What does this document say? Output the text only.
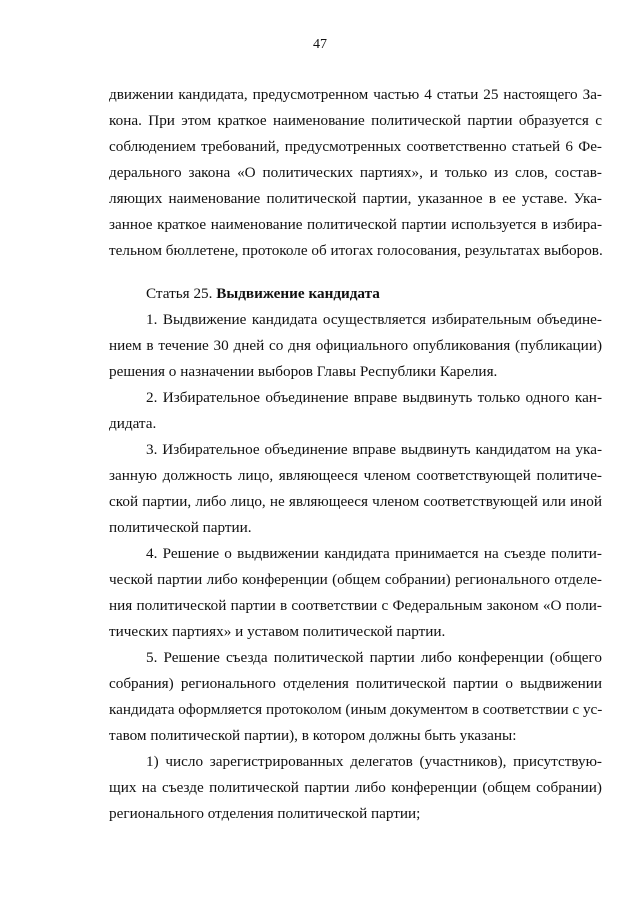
47
движении кандидата, предусмотренном частью 4 статьи 25 настоящего За-
кона. При этом краткое наименование политической партии образуется с
соблюдением требований, предусмотренных соответственно статьей 6 Фе-
дерального закона «О политических партиях», и только из слов, состав-
ляющих наименование политической партии, указанное в ее уставе. Ука-
занное краткое наименование политической партии используется в избира-
тельном бюллетене, протоколе об итогах голосования, результатах выборов.
Статья 25. Выдвижение кандидата
1. Выдвижение кандидата осуществляется избирательным объедине-
нием в течение 30 дней со дня официального опубликования (публикации)
решения о назначении выборов Главы Республики Карелия.
2. Избирательное объединение вправе выдвинуть только одного кан-
дидата.
3. Избирательное объединение вправе выдвинуть кандидатом на ука-
занную должность лицо, являющееся членом соответствующей политиче-
ской партии, либо лицо, не являющееся членом соответствующей или иной
политической партии.
4. Решение о выдвижении кандидата принимается на съезде полити-
ческой партии либо конференции (общем собрании) регионального отделе-
ния политической партии в соответствии с Федеральным законом «О поли-
тических партиях» и уставом политической партии.
5. Решение съезда политической партии либо конференции (общего
собрания) регионального отделения политической партии о выдвижении
кандидата оформляется протоколом (иным документом в соответствии с ус-
тавом политической партии), в котором должны быть указаны:
1) число зарегистрированных делегатов (участников), присутствую-
щих на съезде политической партии либо конференции (общем собрании)
регионального отделения политической партии;
